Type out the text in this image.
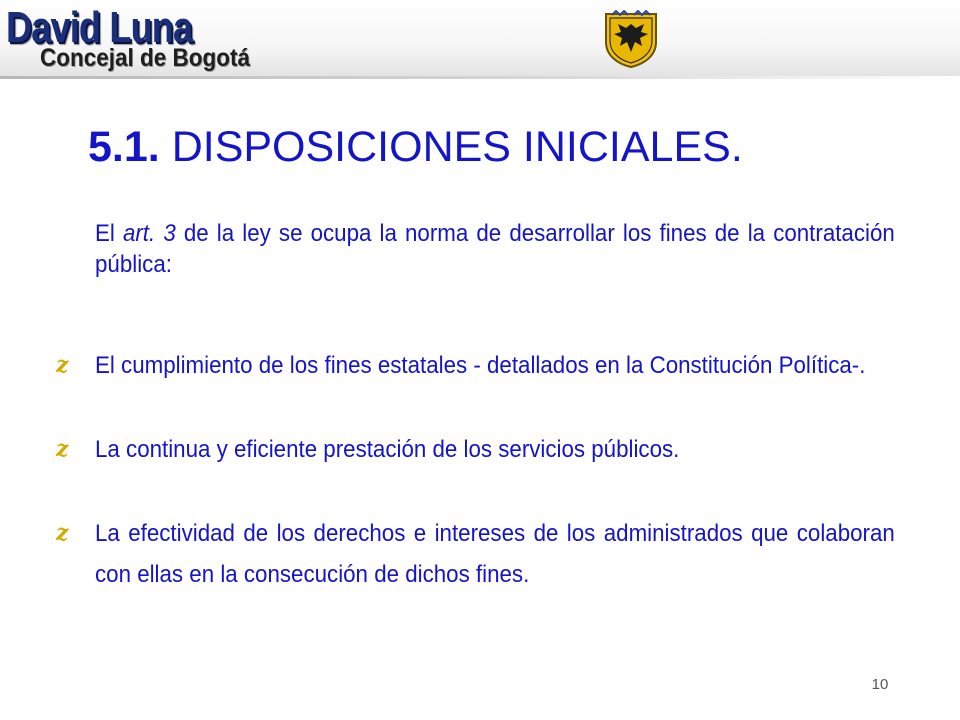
David Luna
Concejal de Bogotá
5.1. DISPOSICIONES INICIALES.
El art. 3 de la ley se ocupa la norma de desarrollar los fines de la contratación pública:
z	El cumplimiento de los fines estatales - detallados en la Constitución Política-.
z	La continua y eficiente prestación de los servicios públicos.
z	La efectividad de los derechos e intereses de los administrados que colaboran con ellas en la consecución de dichos fines.
10
